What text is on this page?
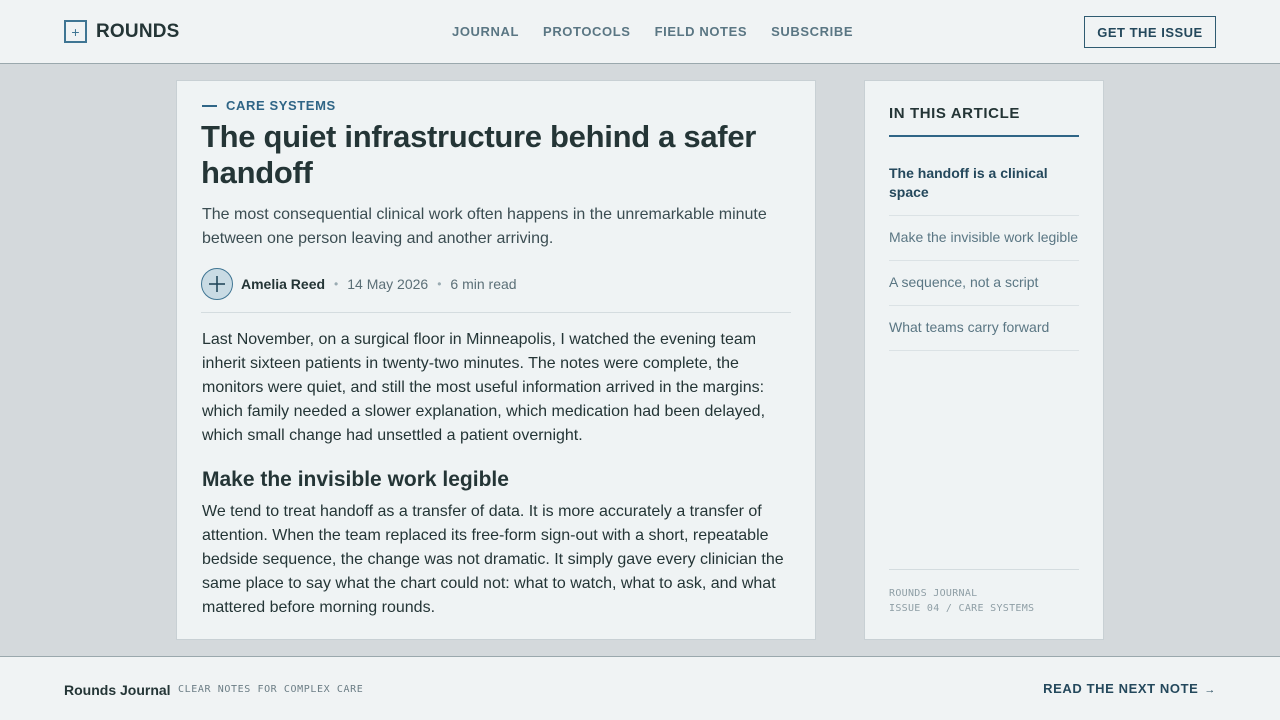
+ ROUNDS	JOURNAL PROTOCOLS FIELD NOTES SUBSCRIBE	GET THE ISSUE
CARE SYSTEMS
The quiet infrastructure behind a safer handoff

The most consequential clinical work often happens in the unremarkable minute between one person leaving and another arriving.

Amelia Reed • 14 May 2026 • 6 min read

Last November, on a surgical floor in Minneapolis, I watched the evening team inherit sixteen patients in twenty-two minutes. The notes were complete, the monitors were quiet, and still the most useful information arrived in the margins: which family needed a slower explanation, which medication had been delayed, which small change had unsettled a patient overnight.

Make the invisible work legible

We tend to treat handoff as a transfer of data. It is more accurately a transfer of attention. When the team replaced its free-form sign-out with a short, repeatable bedside sequence, the change was not dramatic. It simply gave every clinician the same place to say what the chart could not: what to watch, what to ask, and what mattered before morning rounds.

IN THIS ARTICLE
The handoff is a clinical space
Make the invisible work legible
A sequence, not a script
What teams carry forward
ROUNDS JOURNAL
ISSUE 04 / CARE SYSTEMS
Rounds Journal CLEAR NOTES FOR COMPLEX CARE	READ THE NEXT NOTE →
